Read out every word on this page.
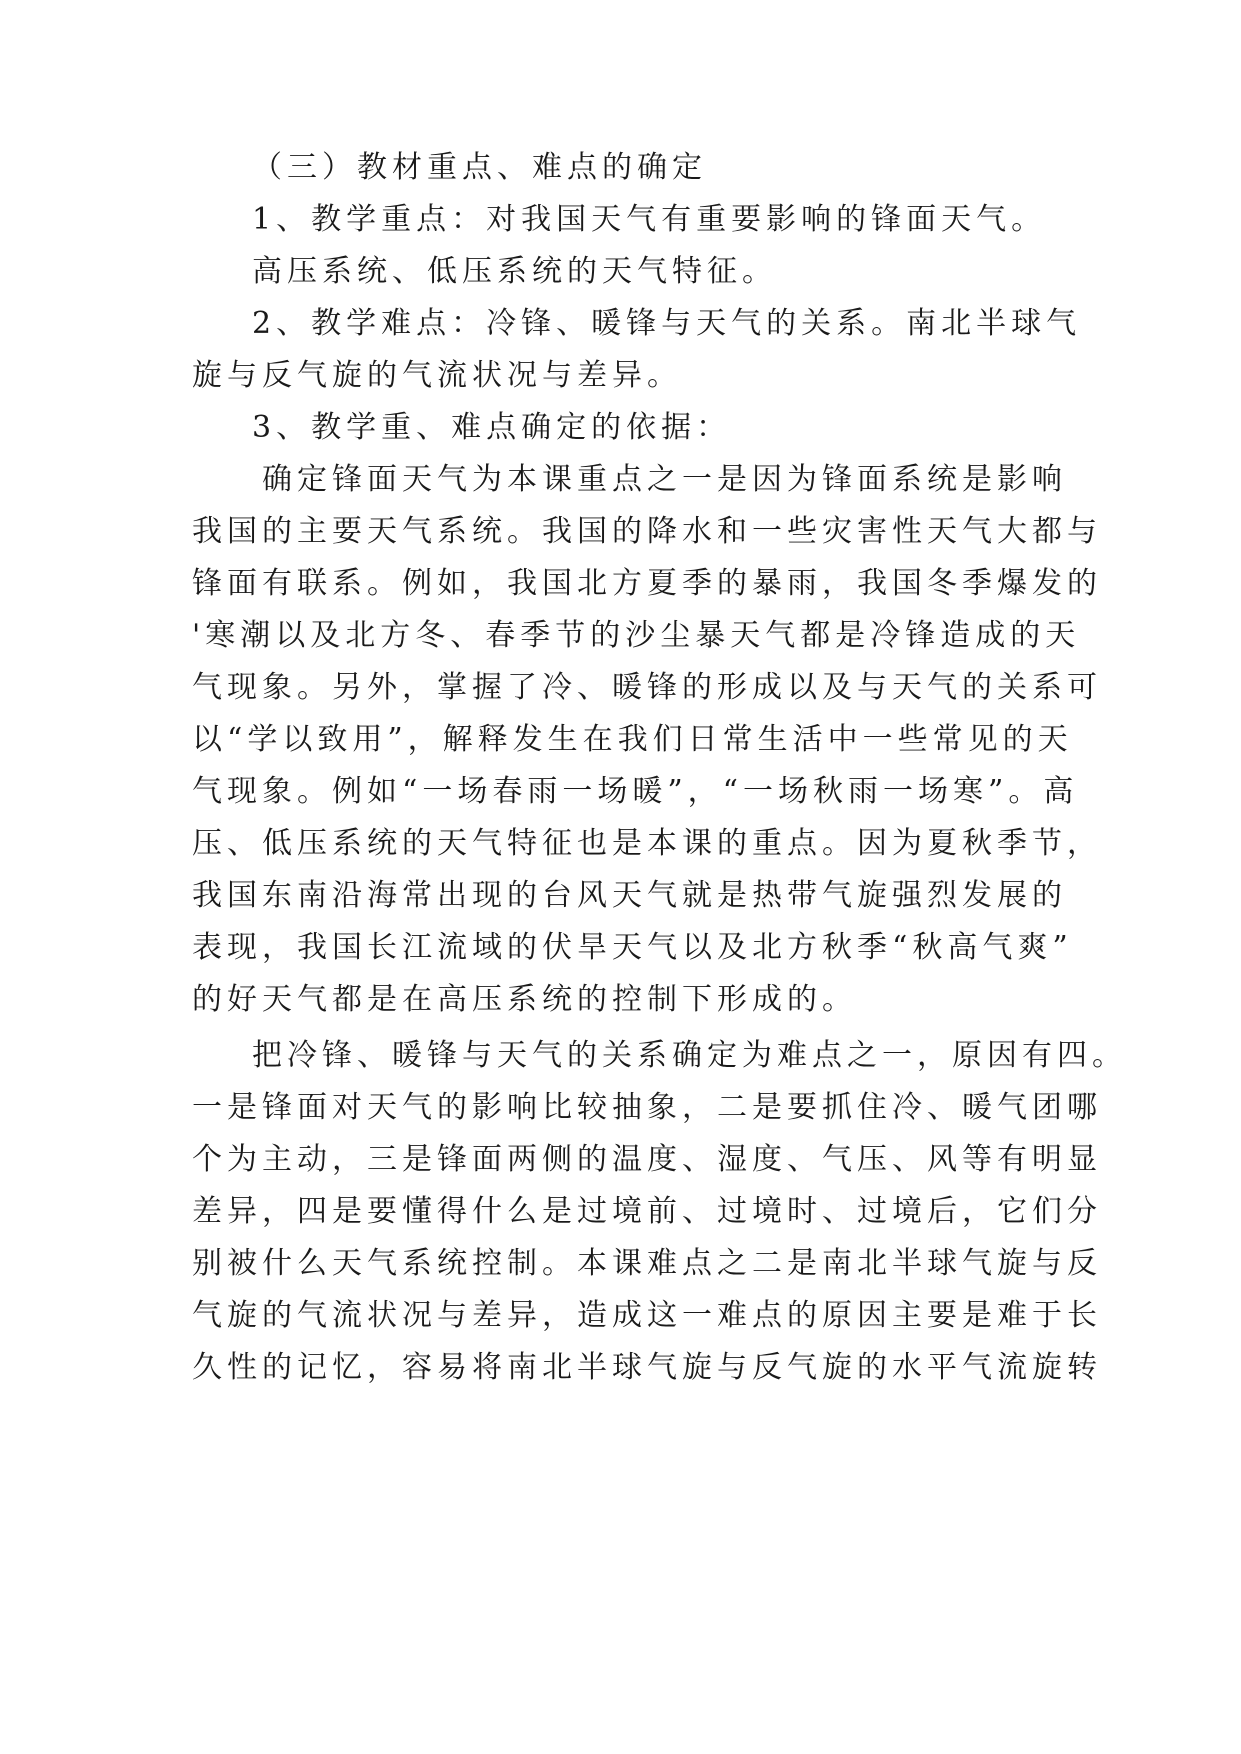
（三）教材重点、难点的确定
1、教学重点：对我国天气有重要影响的锋面天气。
高压系统、低压系统的天气特征。
2、教学难点：冷锋、暖锋与天气的关系。南北半球气
旋与反气旋的气流状况与差异。
3、教学重、难点确定的依据：
确定锋面天气为本课重点之一是因为锋面系统是影响
我国的主要天气系统。我国的降水和一些灾害性天气大都与
锋面有联系。例如，我国北方夏季的暴雨，我国冬季爆发的
'寒潮以及北方冬、春季节的沙尘暴天气都是冷锋造成的天
气现象。另外，掌握了冷、暖锋的形成以及与天气的关系可
以“学以致用”，解释发生在我们日常生活中一些常见的天
气现象。例如“一场春雨一场暖”，“一场秋雨一场寒”。高
压、低压系统的天气特征也是本课的重点。因为夏秋季节，
我国东南沿海常出现的台风天气就是热带气旋强烈发展的
表现，我国长江流域的伏旱天气以及北方秋季“秋高气爽”
的好天气都是在高压系统的控制下形成的。
把冷锋、暖锋与天气的关系确定为难点之一，原因有四。
一是锋面对天气的影响比较抽象，二是要抓住冷、暖气团哪
个为主动，三是锋面两侧的温度、湿度、气压、风等有明显
差异，四是要懂得什么是过境前、过境时、过境后，它们分
别被什么天气系统控制。本课难点之二是南北半球气旋与反
气旋的气流状况与差异，造成这一难点的原因主要是难于长
久性的记忆，容易将南北半球气旋与反气旋的水平气流旋转
